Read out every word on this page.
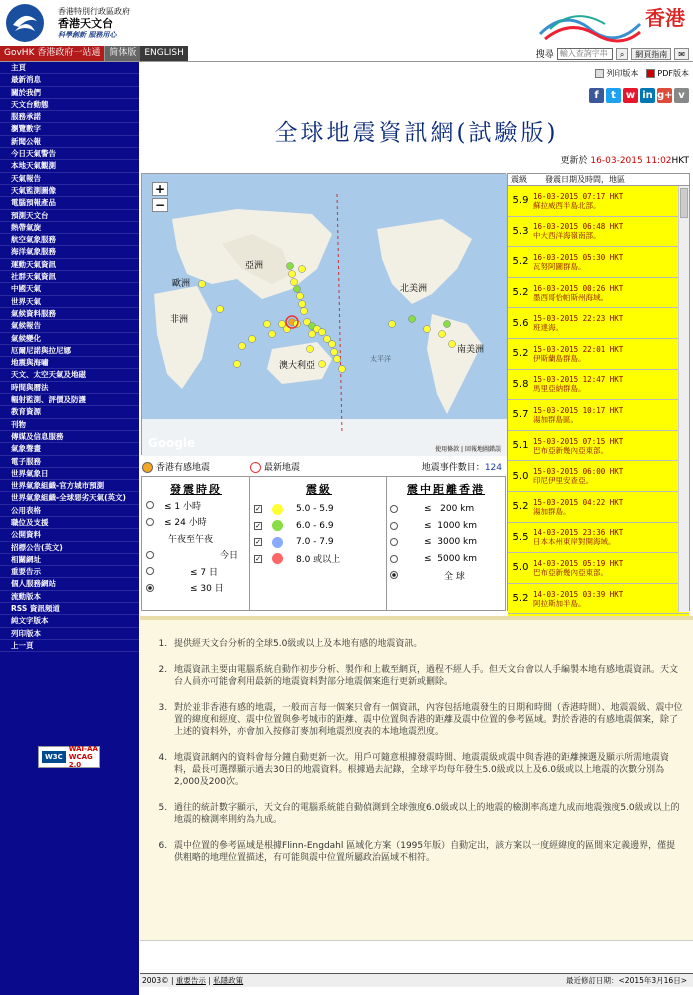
香港特別行政區政府
香港天文台
科學創新 服務用心
香港
GovHK 香港政府一站通	简体版 ENGLISH	搜尋
輸入查詢字串	⌕	網頁指南	✉
主頁
最新消息
關於我們
天文台動態
服務承諾
瀏覽數字
新聞公報
今日天氣警告
本地天氣觀測
天氣報告
天氣監測圖像
電腦預報產品
預測天文台
熱帶氣旋
航空氣象服務
海洋氣象服務
運動天氣資訊
社群天氣資訊
中國天氣
世界天氣
氣候資料服務
氣候報告
氣候變化
厄爾尼諾與拉尼娜
地震與海嘯
天文、太空天氣及地磁
時間與曆法
輻射監測、評價及防護
教育資源
刊物
傳媒及信息服務
氣象聲畫
電子服務
世界氣象日
世界氣象組織-官方城市預測
世界氣象組織-全球惡劣天氣(英文)
公用表格
職位及支援
公開資料
招標公告(英文)
相關網址
重要告示
個人服務網站
流動版本
RSS 資訊頻道
純文字版本
列印版本
上一頁
W3C
WAI-AA
WCAG 2.0
列印版本 PDF版本
f	t w in g+ v
全球地震資訊網(試驗版)
更新於 16-03-2015 11:02HKT
+
−
亞洲
歐洲
非洲
澳大利亞
北美洲
南美洲
太平洋
Google	使用條款 | 回報地圖錯誤
香港有感地震	最新地震	地震事件數目：124
發震時段
≤ 1 小時
≤ 24 小時
午夜至午夜
今日
≤ 7 日
≤ 30 日
震級
✓	5.0 - 5.9
✓	6.0 - 6.9
✓	7.0 - 7.9
✓	8.0 或以上
震中距離香港
≤   200 km
≤  1000 km
≤  3000 km
≤  5000 km
全 球
震級	發震日期及時間，地區
5.9 16-03-2015 07:17 HKT
蘇拉威西半島北部。
5.3 16-03-2015 06:48 HKT
中大西洋海嶺南部。
5.2 16-03-2015 05:30 HKT
瓦努阿圖群島。
5.2 16-03-2015 00:26 HKT
墨西哥恰帕斯州海域。
5.6 15-03-2015 22:23 HKT
班達海。
5.2 15-03-2015 22:01 HKT
伊斯蘭島群島。
5.8 15-03-2015 12:47 HKT
馬里亞納群島。
5.7 15-03-2015 10:17 HKT
湯加群島區。
5.1 15-03-2015 07:15 HKT
巴布亞新幾內亞東部。
5.0 15-03-2015 06:00 HKT
印尼伊里安查亞。
5.2 15-03-2015 04:22 HKT
湯加群島。
5.5 14-03-2015 23:36 HKT
日本本州東岸對開海域。
5.0 14-03-2015 05:19 HKT
巴布亞新幾內亞東部。
5.2 14-03-2015 03:39 HKT
阿拉斯加半島。

1. 提供經天文台分析的全球5.0級或以上及本地有感的地震資訊。
2. 地震資訊主要由電腦系統自動作初步分析、製作和上載至網頁，過程不經人手。但天文台會以人手編製本地有感地震資訊。天文台人員亦可能會利用最新的地震資料對部分地震個案進行更新或刪除。
3. 對於並非香港有感的地震，一般而言每一個案只會有一個資訊，內容包括地震發生的日期和時間（香港時間）、地震震級、震中位置的緯度和經度、震中位置與參考城市的距離、震中位置與香港的距離及震中位置的參考區域。對於香港的有感地震個案，除了上述的資料外，亦會加入按修訂麥加利地震烈度表的本地地震烈度。
4. 地震資訊網內的資料會每分鐘自動更新一次。用戶可隨意根據發震時間、地震震級或震中與香港的距離揀選及顯示所需地震資料，最長可選擇顯示過去30日的地震資料。根據過去記錄，全球平均每年發生5.0級或以上及6.0級或以上地震的次數分別為2,000及200次。
5. 過往的統計數字顯示，天文台的電腦系統能自動偵測到全球強度6.0級或以上的地震的檢測率高達九成而地震強度5.0級或以上的地震的檢測率則約為九成。
6. 震中位置的參考區域是根據Flinn-Engdahl 區域化方案（1995年版）自動定出，該方案以一度經緯度的區間來定義邊界，僅提供粗略的地理位置描述，有可能與震中位置所屬政治區域不相符。
2003© | 重要告示 | 私隱政策	最近修訂日期：<2015年3月16日>
